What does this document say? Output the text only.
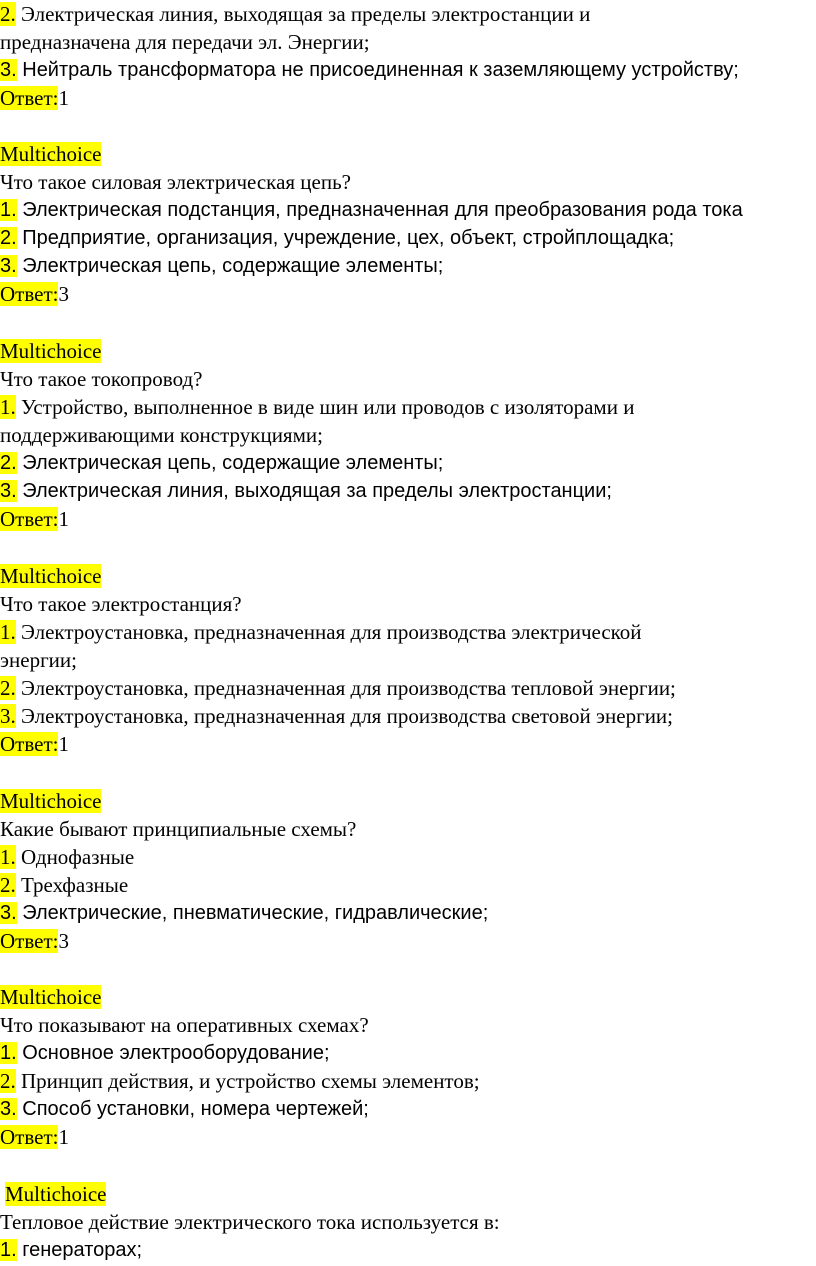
2. Электрическая линия, выходящая за пределы электростанции и
предназначена для передачи эл. Энергии;
3. Нейтраль трансформатора не присоединенная к заземляющему устройству;
Ответ:1
Multichoice
Что такое силовая электрическая цепь?
1. Электрическая подстанция, предназначенная для преобразования рода тока
2. Предприятие, организация, учреждение, цех, объект, стройплощадка;
3. Электрическая цепь, содержащие элементы;
Ответ:3
Multichoice
Что такое токопровод?
1. Устройство, выполненное в виде шин или проводов с изоляторами и
поддерживающими конструкциями;
2. Электрическая цепь, содержащие элементы;
3. Электрическая линия, выходящая за пределы электростанции;
Ответ:1
Multichoice
Что такое электростанция?
1. Электроустановка, предназначенная для производства электрической
энергии;
2. Электроустановка, предназначенная для производства тепловой энергии;
3. Электроустановка, предназначенная для производства световой энергии;
Ответ:1
Multichoice
Какие бывают принципиальные схемы?
1. Однофазные
2. Трехфазные
3. Электрические, пневматические, гидравлические;
Ответ:3
Multichoice
Что показывают на оперативных схемах?
1. Основное электрооборудование;
2. Принцип действия, и устройство схемы элементов;
3. Способ установки, номера чертежей;
Ответ:1
Multichoice
Тепловое действие электрического тока используется в:
1. генераторах;
